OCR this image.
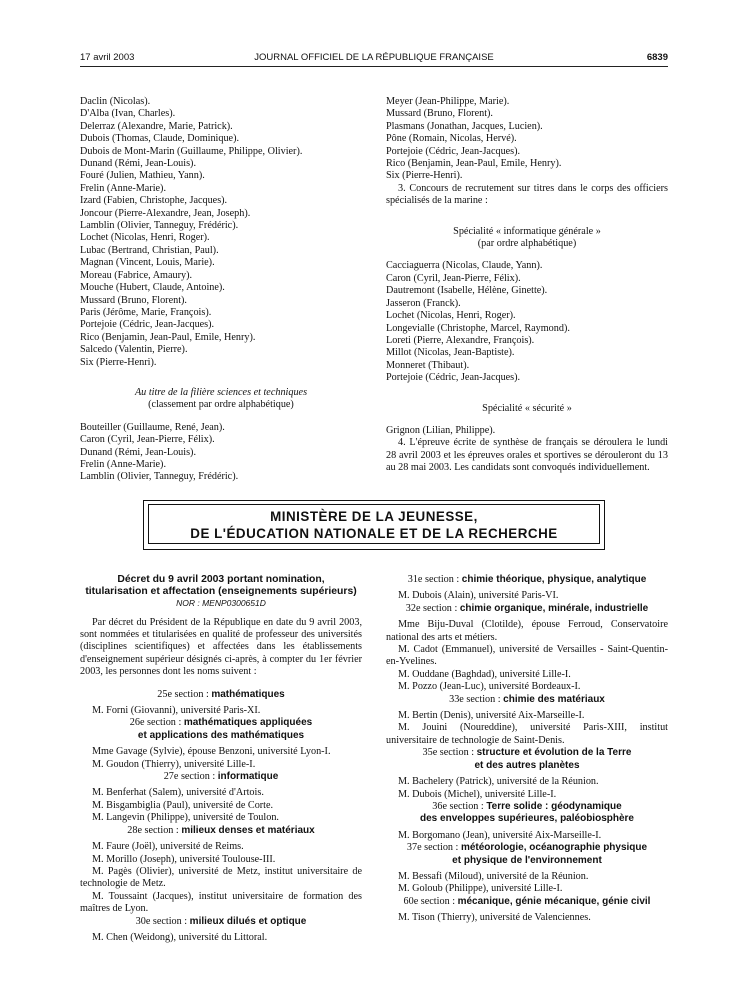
17 avril 2003	JOURNAL OFFICIEL DE LA RÉPUBLIQUE FRANÇAISE	6839

Daclin (Nicolas).

D'Alba (Ivan, Charles).

Delerraz (Alexandre, Marie, Patrick).

Dubois (Thomas, Claude, Dominique).

Dubois de Mont-Marin (Guillaume, Philippe, Olivier).

Dunand (Rémi, Jean-Louis).

Fouré (Julien, Mathieu, Yann).

Frelin (Anne-Marie).

Izard (Fabien, Christophe, Jacques).

Joncour (Pierre-Alexandre, Jean, Joseph).

Lamblin (Olivier, Tanneguy, Frédéric).

Lochet (Nicolas, Henri, Roger).

Lubac (Bertrand, Christian, Paul).

Magnan (Vincent, Louis, Marie).

Moreau (Fabrice, Amaury).

Mouche (Hubert, Claude, Antoine).

Mussard (Bruno, Florent).

Paris (Jérôme, Marie, François).

Portejoie (Cédric, Jean-Jacques).

Rico (Benjamin, Jean-Paul, Emile, Henry).

Salcedo (Valentin, Pierre).

Six (Pierre-Henri).

Au titre de la filière sciences et techniques

(classement par ordre alphabétique)

Bouteiller (Guillaume, René, Jean).

Caron (Cyril, Jean-Pierre, Félix).

Dunand (Rémi, Jean-Louis).

Frelin (Anne-Marie).

Lamblin (Olivier, Tanneguy, Frédéric).

Meyer (Jean-Philippe, Marie).

Mussard (Bruno, Florent).

Plasmans (Jonathan, Jacques, Lucien).

Pône (Romain, Nicolas, Hervé).

Portejoie (Cédric, Jean-Jacques).

Rico (Benjamin, Jean-Paul, Emile, Henry).

Six (Pierre-Henri).

3. Concours de recrutement sur titres dans le corps des officiers spécialisés de la marine :

Spécialité « informatique générale »

(par ordre alphabétique)

Cacciaguerra (Nicolas, Claude, Yann).

Caron (Cyril, Jean-Pierre, Félix).

Dautremont (Isabelle, Hélène, Ginette).

Jasseron (Franck).

Lochet (Nicolas, Henri, Roger).

Longevialle (Christophe, Marcel, Raymond).

Loreti (Pierre, Alexandre, François).

Millot (Nicolas, Jean-Baptiste).

Monneret (Thibaut).

Portejoie (Cédric, Jean-Jacques).

Spécialité « sécurité »

Grignon (Lilian, Philippe).

4. L'épreuve écrite de synthèse de français se déroulera le lundi 28 avril 2003 et les épreuves orales et sportives se dérouleront du 13 au 28 mai 2003. Les candidats sont convoqués individuellement.

MINISTÈRE DE LA JEUNESSE,
DE L'ÉDUCATION NATIONALE ET DE LA RECHERCHE
Décret du 9 avril 2003 portant nomination,
titularisation et affectation (enseignements supérieurs)
NOR : MENP0300651D

Par décret du Président de la République en date du 9 avril 2003, sont nommées et titularisées en qualité de professeur des universités (disciplines scientifiques) et affectées dans les établissements d'enseignement supérieur désignés ci-après, à compter du 1er février 2003, les personnes dont les noms suivent :

25e section : mathématiques

M. Forni (Giovanni), université Paris-XI.

26e section : mathématiques appliquées
et applications des mathématiques

Mme Gavage (Sylvie), épouse Benzoni, université Lyon-I.

M. Goudon (Thierry), université Lille-I.

27e section : informatique

M. Benferhat (Salem), université d'Artois.

M. Bisgambiglia (Paul), université de Corte.

M. Langevin (Philippe), université de Toulon.

28e section : milieux denses et matériaux

M. Faure (Joël), université de Reims.

M. Morillo (Joseph), université Toulouse-III.

M. Pagès (Olivier), université de Metz, institut universitaire de technologie de Metz.

M. Toussaint (Jacques), institut universitaire de formation des maîtres de Lyon.

30e section : milieux dilués et optique

M. Chen (Weidong), université du Littoral.

31e section : chimie théorique, physique, analytique

M. Dubois (Alain), université Paris-VI.

32e section : chimie organique, minérale, industrielle

Mme Biju-Duval (Clotilde), épouse Ferroud, Conservatoire national des arts et métiers.

M. Cadot (Emmanuel), université de Versailles - Saint-Quentin-en-Yvelines.

M. Ouddane (Baghdad), université Lille-I.

M. Pozzo (Jean-Luc), université Bordeaux-I.

33e section : chimie des matériaux

M. Bertin (Denis), université Aix-Marseille-I.

M. Jouini (Noureddine), université Paris-XIII, institut universitaire de technologie de Saint-Denis.

35e section : structure et évolution de la Terre
et des autres planètes

M. Bachelery (Patrick), université de la Réunion.

M. Dubois (Michel), université Lille-I.

36e section : Terre solide : géodynamique
des enveloppes supérieures, paléobiosphère

M. Borgomano (Jean), université Aix-Marseille-I.

37e section : météorologie, océanographie physique
et physique de l'environnement

M. Bessafi (Miloud), université de la Réunion.

M. Goloub (Philippe), université Lille-I.

60e section : mécanique, génie mécanique, génie civil

M. Tison (Thierry), université de Valenciennes.
